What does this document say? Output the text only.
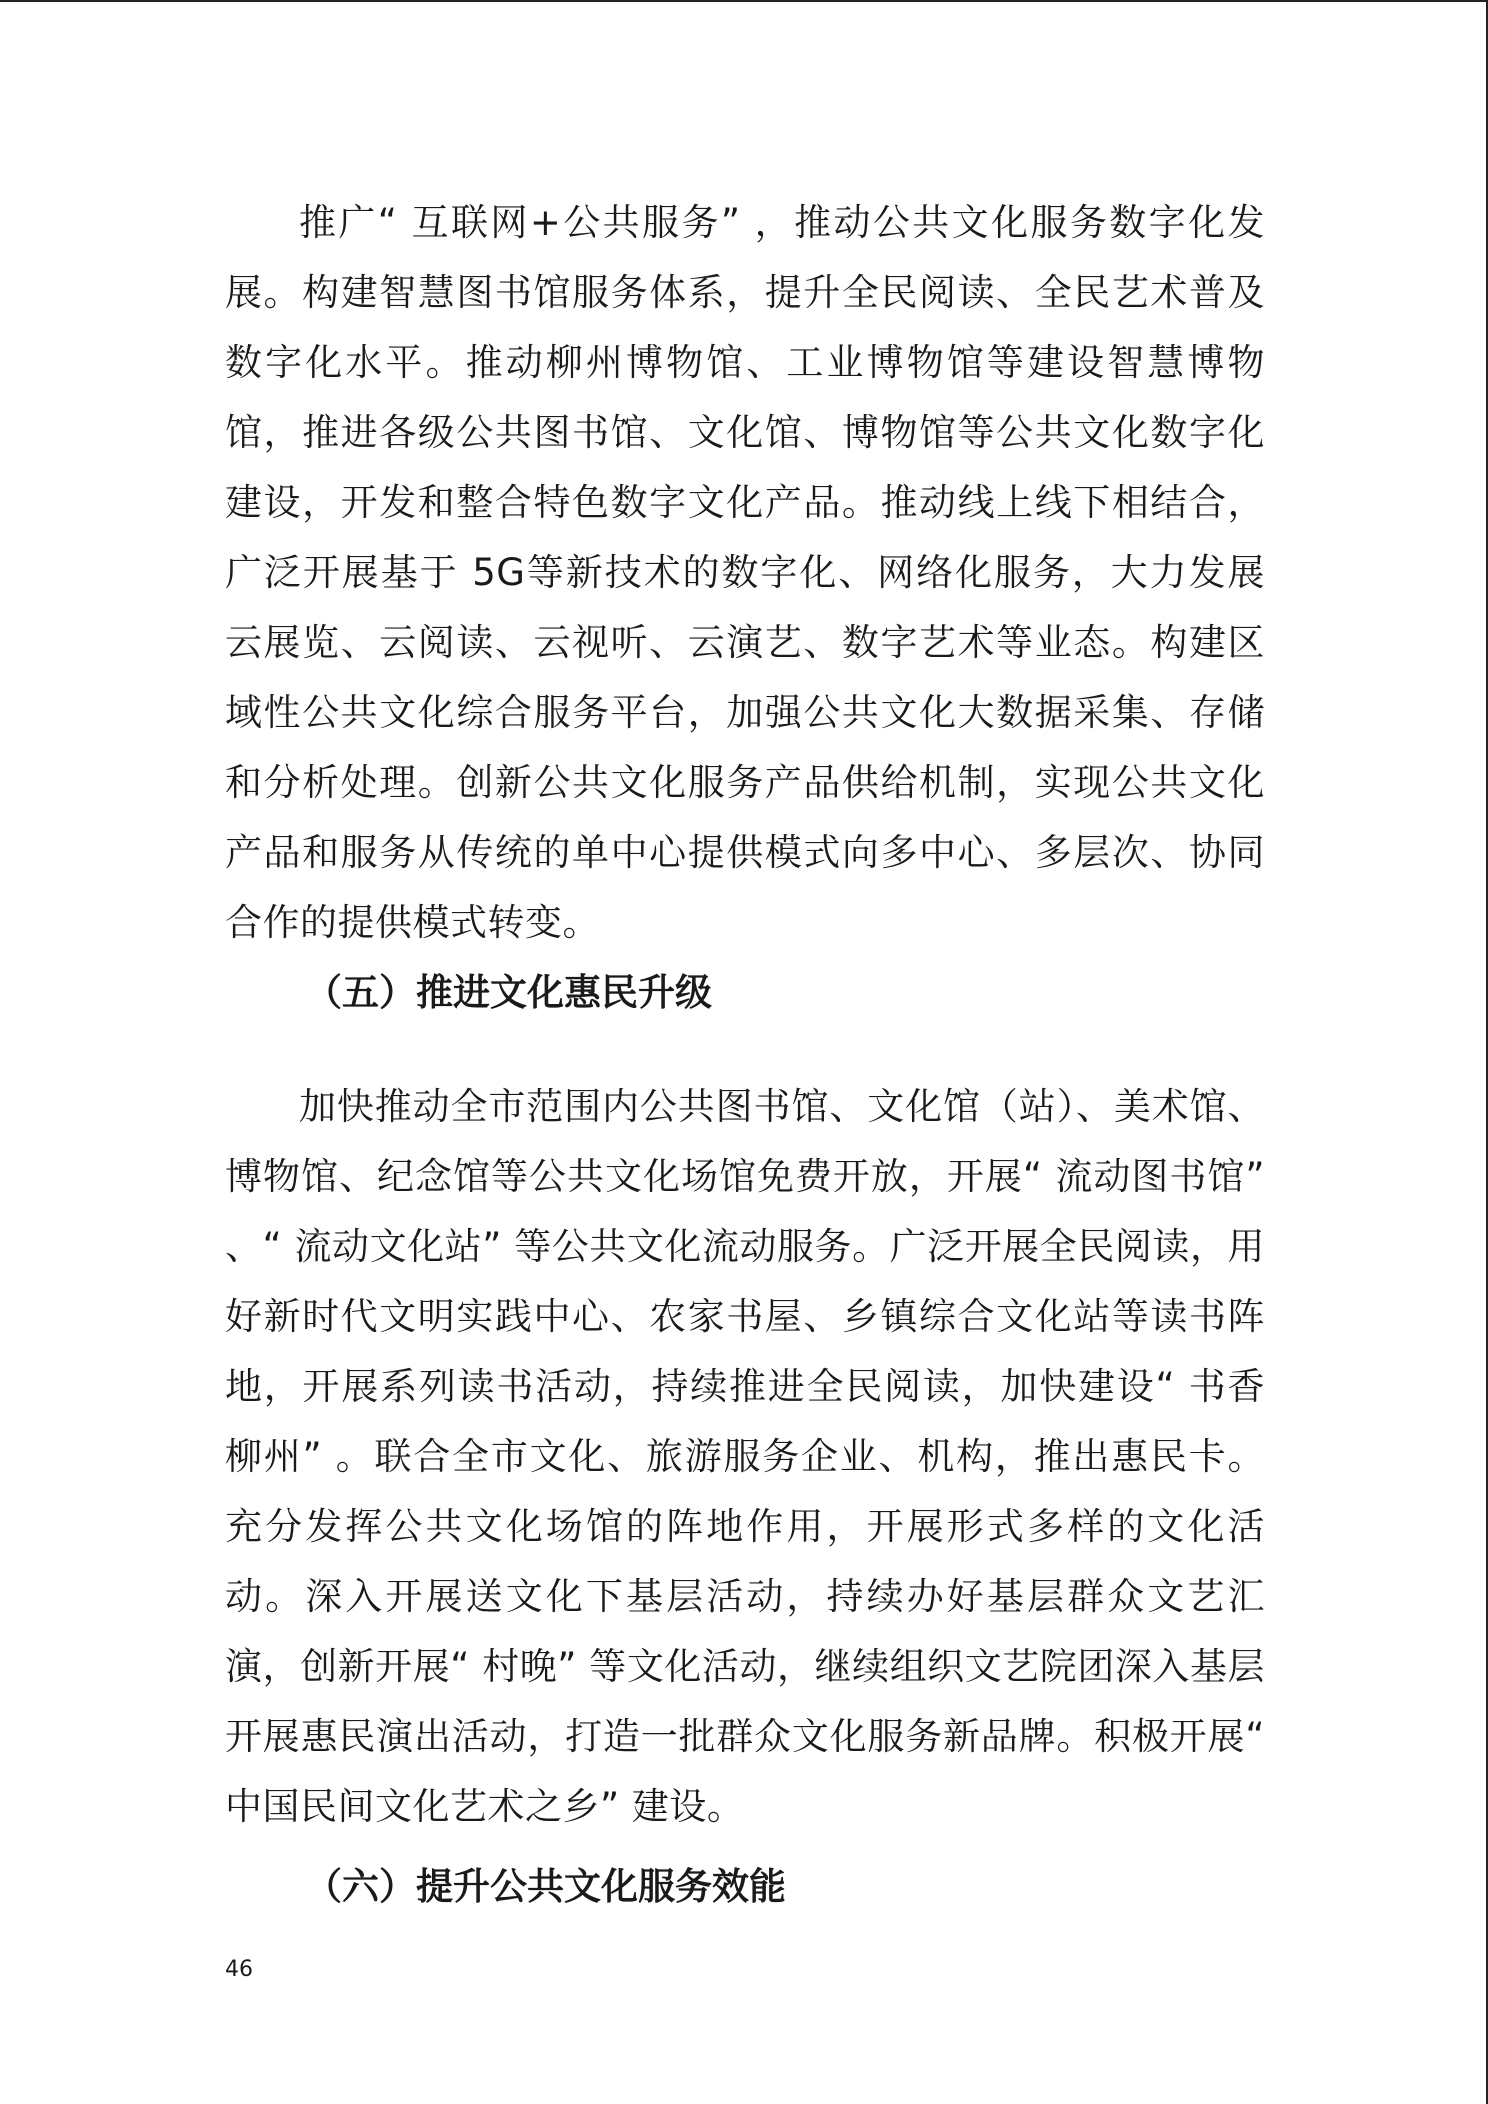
推广“ 互联网+公共服务” ，推动公共文化服务数字化发展。构建智慧图书馆服务体系，提升全民阅读、全民艺术普及数字化水平。推动柳州博物馆、工业博物馆等建设智慧博物馆，推进各级公共图书馆、文化馆、博物馆等公共文化数字化建设，开发和整合特色数字文化产品。推动线上线下相结合，广泛开展基于 5G等新技术的数字化、网络化服务，大力发展云展览、云阅读、云视听、云演艺、数字艺术等业态。构建区域性公共文化综合服务平台，加强公共文化大数据采集、存储和分析处理。创新公共文化服务产品供给机制，实现公共文化产品和服务从传统的单中心提供模式向多中心、多层次、协同合作的提供模式转变。

（五）推进文化惠民升级

加快推动全市范围内公共图书馆、文化馆（站）、美术馆、博物馆、纪念馆等公共文化场馆免费开放，开展“ 流动图书馆” 、“ 流动文化站” 等公共文化流动服务。广泛开展全民阅读，用好新时代文明实践中心、农家书屋、乡镇综合文化站等读书阵地，开展系列读书活动，持续推进全民阅读，加快建设“ 书香柳州” 。联合全市文化、旅游服务企业、机构，推出惠民卡。充分发挥公共文化场馆的阵地作用，开展形式多样的文化活动。深入开展送文化下基层活动，持续办好基层群众文艺汇演，创新开展“ 村晚” 等文化活动，继续组织文艺院团深入基层开展惠民演出活动，打造一批群众文化服务新品牌。积极开展“ 中国民间文化艺术之乡” 建设。

（六）提升公共文化服务效能
46
